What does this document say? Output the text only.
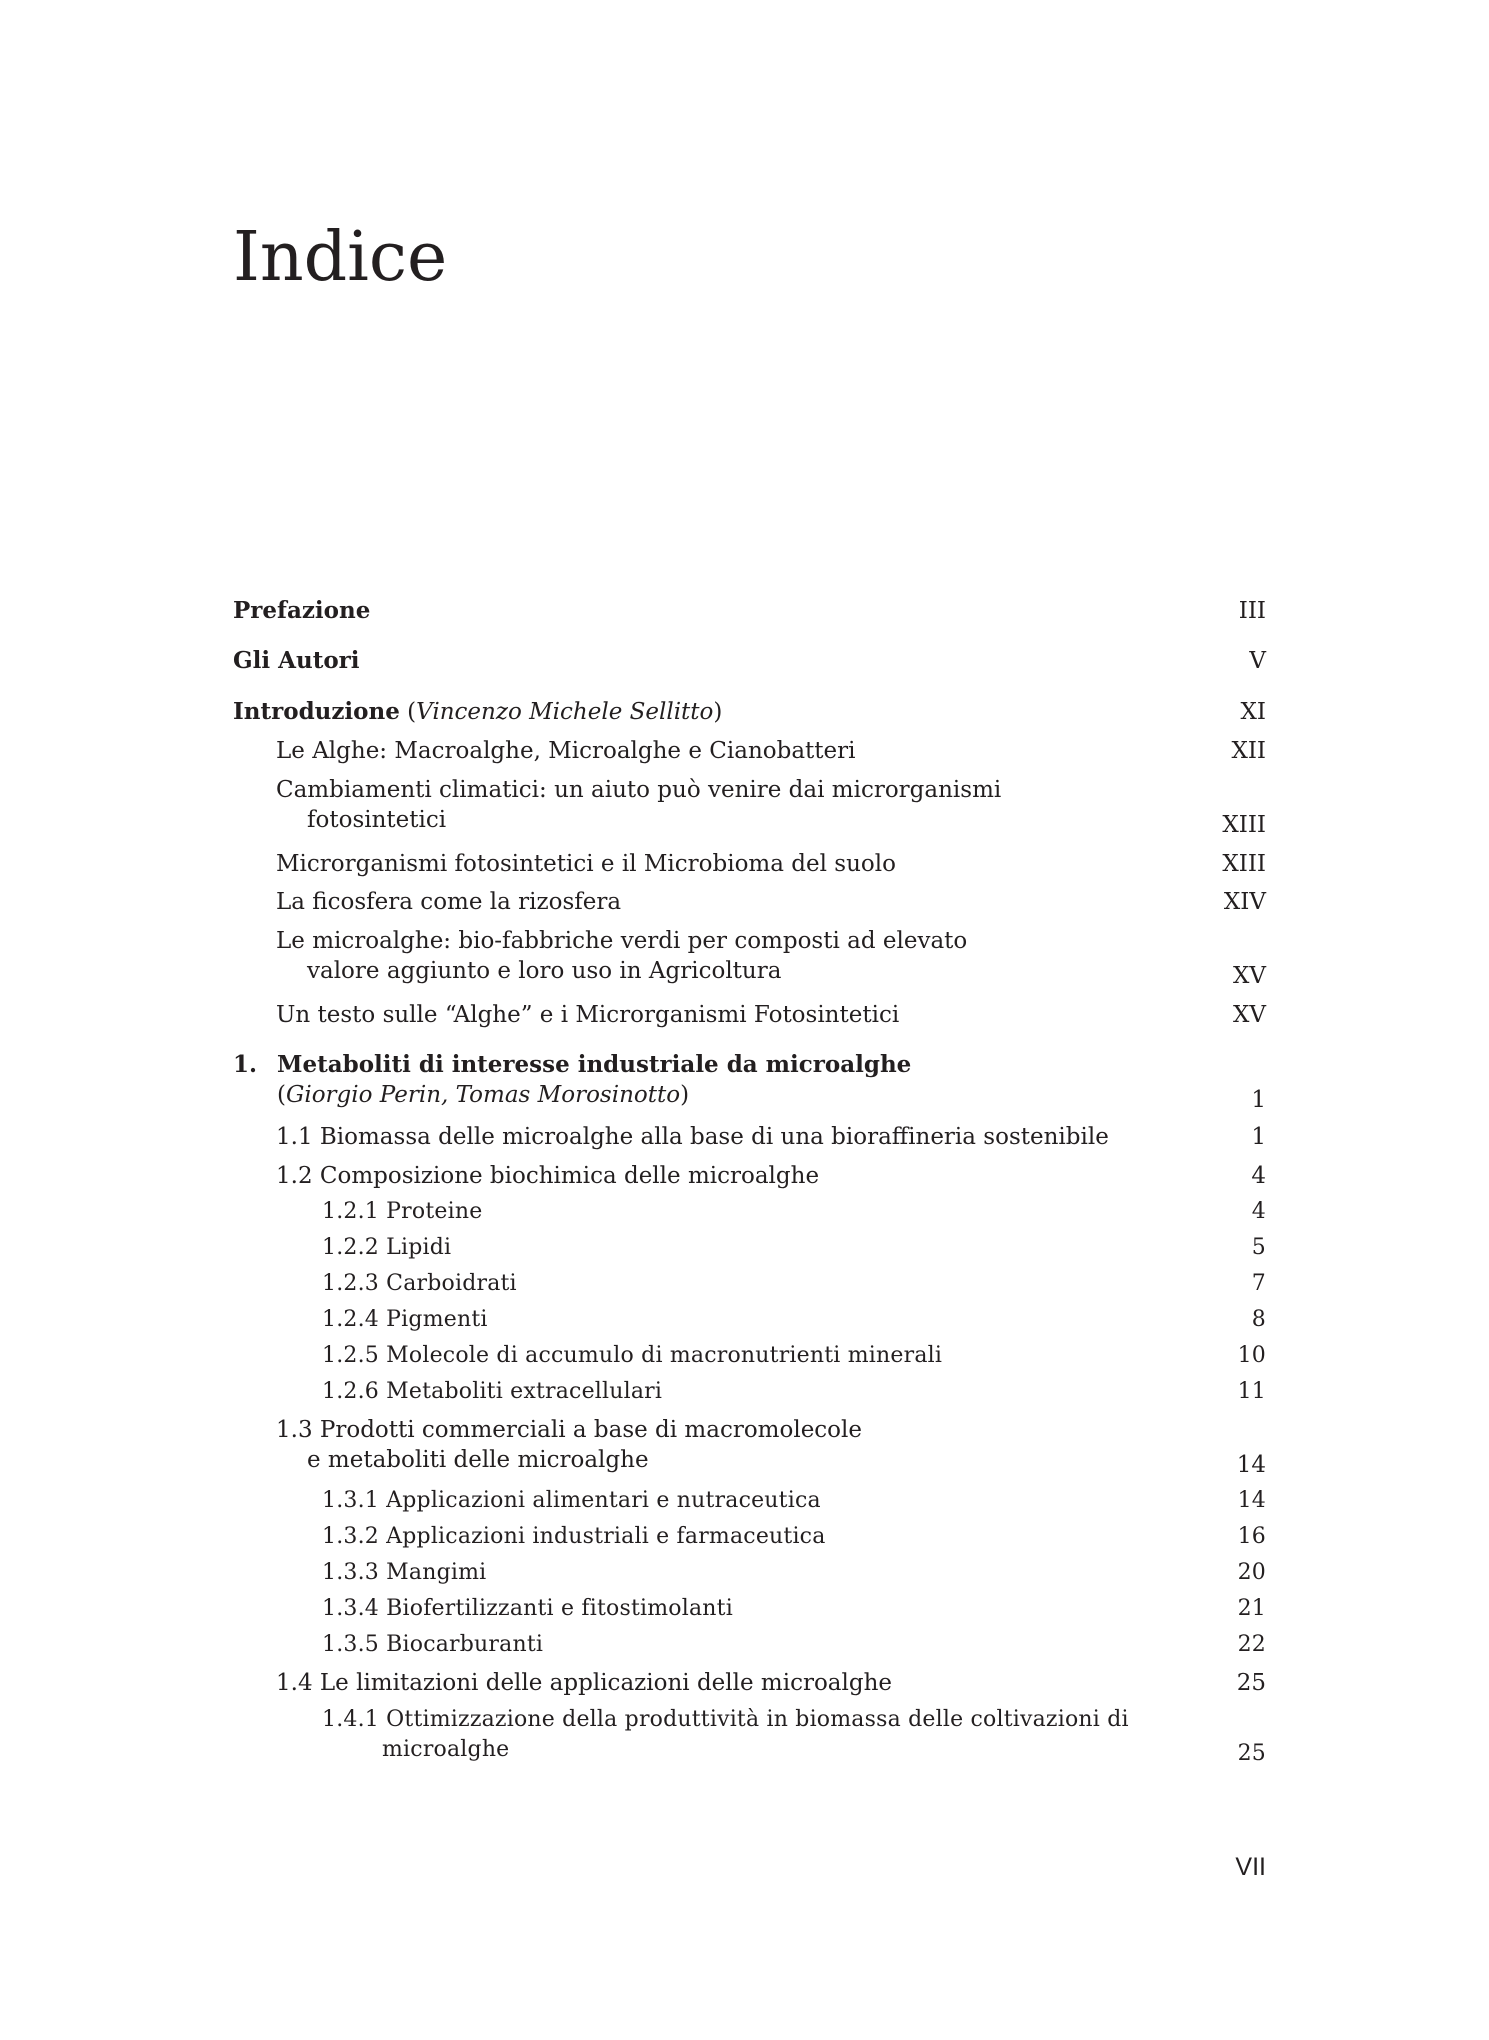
Indice
Prefazione	III
Gli Autori	V
Introduzione (Vincenzo Michele Sellitto)	XI
Le Alghe: Macroalghe, Microalghe e Cianobatteri	XII
Cambiamenti climatici: un aiuto può venire dai microrganismi
fotosintetici	XIII
Microrganismi fotosintetici e il Microbioma del suolo	XIII
La ficosfera come la rizosfera	XIV
Le microalghe: bio-fabbriche verdi per composti ad elevato
valore aggiunto e loro uso in Agricoltura	XV
Un testo sulle “Alghe” e i Microrganismi Fotosintetici	XV
1. Metaboliti di interesse industriale da microalghe
(Giorgio Perin, Tomas Morosinotto)	1
1.1 Biomassa delle microalghe alla base di una bioraffineria sostenibile	1
1.2 Composizione biochimica delle microalghe	4
1.2.1 Proteine	4
1.2.2 Lipidi	5
1.2.3 Carboidrati	7
1.2.4 Pigmenti	8
1.2.5 Molecole di accumulo di macronutrienti minerali	10
1.2.6 Metaboliti extracellulari	11
1.3 Prodotti commerciali a base di macromolecole
e metaboliti delle microalghe	14
1.3.1 Applicazioni alimentari e nutraceutica	14
1.3.2 Applicazioni industriali e farmaceutica	16
1.3.3 Mangimi	20
1.3.4 Biofertilizzanti e fitostimolanti	21
1.3.5 Biocarburanti	22
1.4 Le limitazioni delle applicazioni delle microalghe	25
1.4.1 Ottimizzazione della produttività in biomassa delle coltivazioni di
microalghe	25
VII
